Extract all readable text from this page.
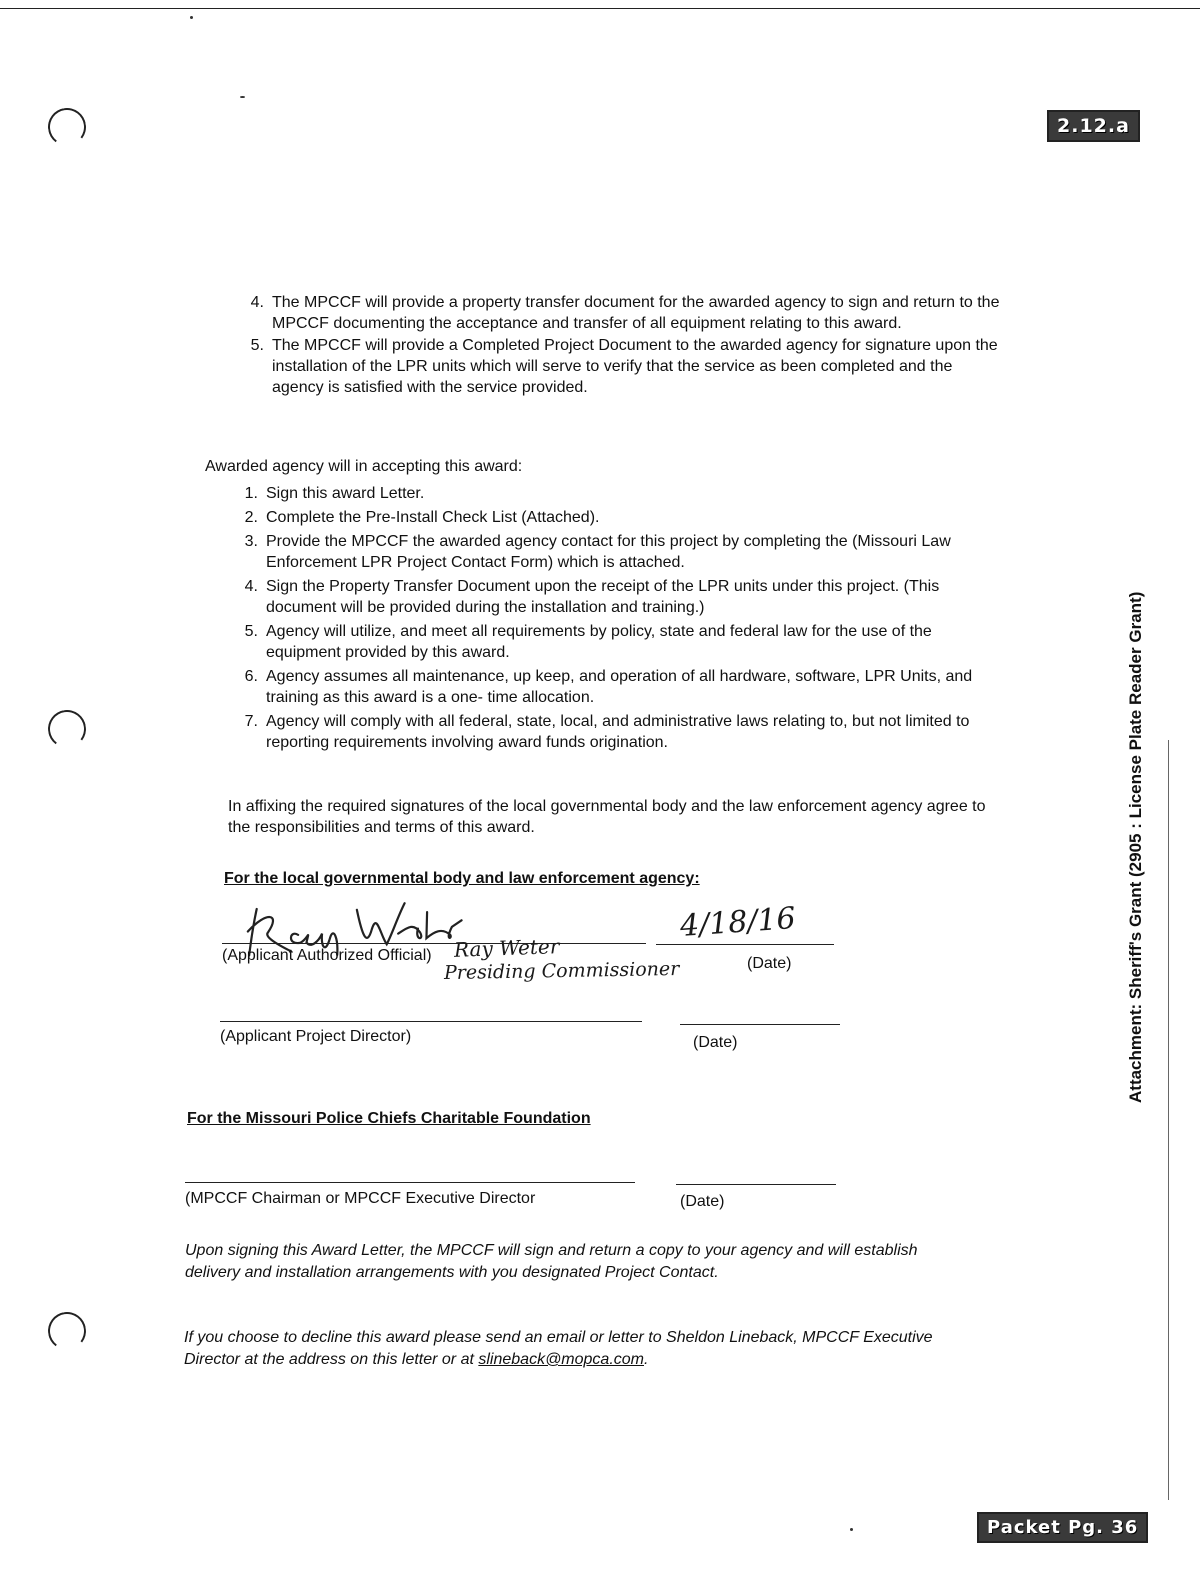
2.12.a
Packet Pg. 36
Attachment: Sheriff's Grant (2905 : License Plate Reader Grant)
4. The MPCCF will provide a property transfer document for the awarded agency to sign and return to the MPCCF documenting the acceptance and transfer of all equipment relating to this award.
5. The MPCCF will provide a Completed Project Document to the awarded agency for signature upon the installation of the LPR units which will serve to verify that the service as been completed and the agency is satisfied with the service provided.
Awarded agency will in accepting this award:
1. Sign this award Letter.
2. Complete the Pre-Install Check List (Attached).
3. Provide the MPCCF the awarded agency contact for this project by completing the (Missouri Law Enforcement LPR Project Contact Form) which is attached.
4. Sign the Property Transfer Document upon the receipt of the LPR units under this project. (This document will be provided during the installation and training.)
5. Agency will utilize, and meet all requirements by policy, state and federal law for the use of the equipment provided by this award.
6. Agency assumes all maintenance, up keep, and operation of all hardware, software, LPR Units, and training as this award is a one- time allocation.
7. Agency will comply with all federal, state, local, and administrative laws relating to, but not limited to reporting requirements involving award funds origination.
In affixing the required signatures of the local governmental body and the law enforcement agency agree to the responsibilities and terms of this award.
For the local governmental body and law enforcement agency:
(Applicant Authorized Official) Ray Weter
Presiding Commissioner
4/18/16
(Date)
(Applicant Project Director)	(Date)
For the Missouri Police Chiefs Charitable Foundation
(MPCCF Chairman or MPCCF Executive Director	(Date)
Upon signing this Award Letter, the MPCCF will sign and return a copy to your agency and will establish delivery and installation arrangements with you designated Project Contact.
If you choose to decline this award please send an email or letter to Sheldon Lineback, MPCCF Executive Director at the address on this letter or at slineback@mopca.com.
